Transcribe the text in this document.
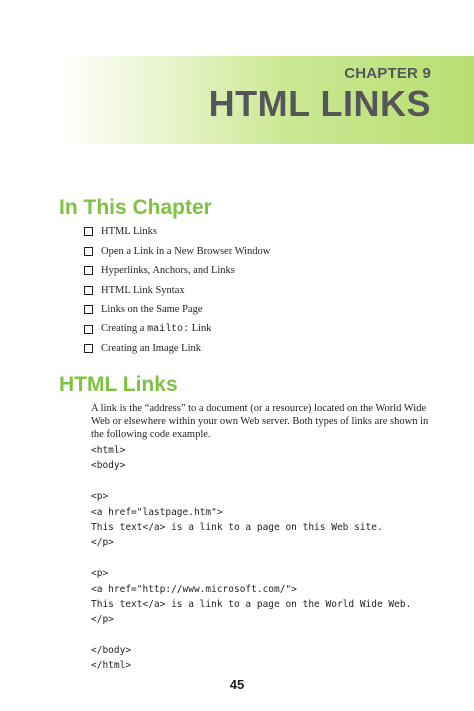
CHAPTER 9
HTML LINKS
In This Chapter
HTML Links
Open a Link in a New Browser Window
Hyperlinks, Anchors, and Links
HTML Link Syntax
Links on the Same Page
Creating a mailto: Link
Creating an Image Link
HTML Links

A link is the “address” to a document (or a resource) located on the World Wide Web or elsewhere within your own Web server. Both types of links are shown in the following code example.

<html>
<body>
<p>
<a href="lastpage.htm">
This text</a> is a link to a page on this Web site.
</p>
<p>
<a href="http://www.microsoft.com/">
This text</a> is a link to a page on the World Wide Web.
</p>
</body>
</html>
45
